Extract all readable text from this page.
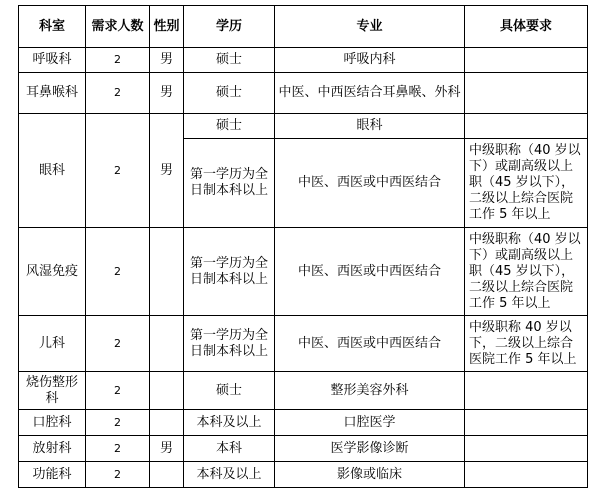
科室	需求人数	性别	学历	专业	具体要求
呼吸科	2	男	硕士	呼吸内科	
耳鼻喉科	2	男	硕士	中医、中西医结合耳鼻喉、外科	
眼科	2	男	硕士	眼科	
			第一学历为全日制本科以上	中医、西医或中西医结合	中级职称（40 岁以下）或副高级以上职（45 岁以下），二级以上综合医院工作 5 年以上
风湿免疫	2		第一学历为全日制本科以上	中医、西医或中西医结合	中级职称（40 岁以下）或副高级以上职（45 岁以下），二级以上综合医院工作 5 年以上
儿科	2		第一学历为全日制本科以上	中医、西医或中西医结合	中级职称 40 岁以下，二级以上综合医院工作 5 年以上
烧伤整形科	2		硕士	整形美容外科	
口腔科	2		本科及以上	口腔医学	
放射科	2	男	本科	医学影像诊断	
功能科	2		本科及以上	影像或临床	
